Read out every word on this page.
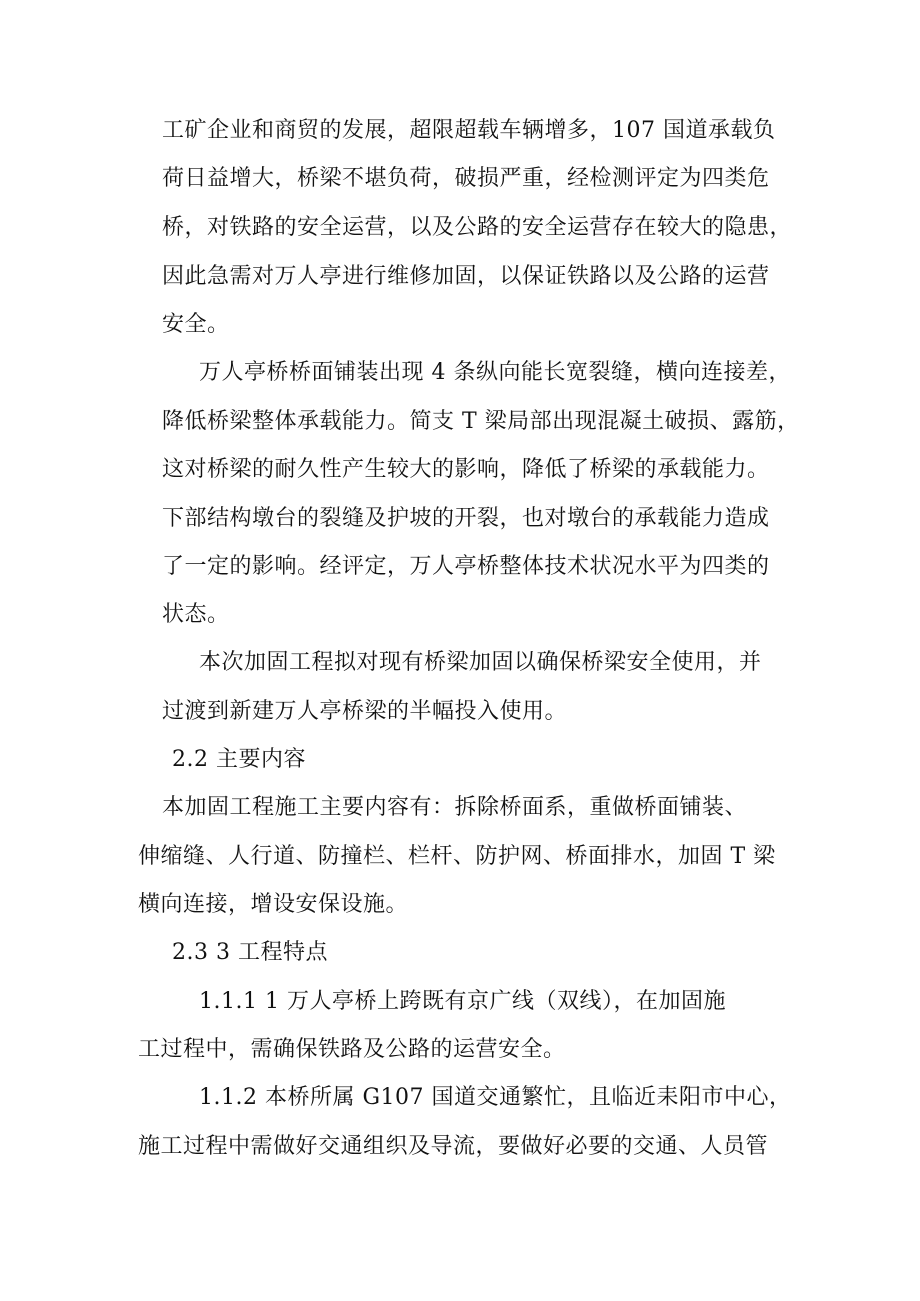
工矿企业和商贸的发展，超限超载车辆增多，107 国道承载负
荷日益增大，桥梁不堪负荷，破损严重，经检测评定为四类危
桥，对铁路的安全运营，以及公路的安全运营存在较大的隐患，
因此急需对万人亭进行维修加固，以保证铁路以及公路的运营
安全。
万人亭桥桥面铺装出现 4 条纵向能长宽裂缝，横向连接差，
降低桥梁整体承载能力。简支 T 梁局部出现混凝土破损、露筋，
这对桥梁的耐久性产生较大的影响，降低了桥梁的承载能力。
下部结构墩台的裂缝及护坡的开裂，也对墩台的承载能力造成
了一定的影响。经评定，万人亭桥整体技术状况水平为四类的
状态。
本次加固工程拟对现有桥梁加固以确保桥梁安全使用，并
过渡到新建万人亭桥梁的半幅投入使用。
2.2 主要内容
本加固工程施工主要内容有：拆除桥面系，重做桥面铺装、
伸缩缝、人行道、防撞栏、栏杆、防护网、桥面排水，加固 T 梁
横向连接，增设安保设施。
2.3 3 工程特点
1.1.1 1 万人亭桥上跨既有京广线（双线），在加固施
工过程中，需确保铁路及公路的运营安全。
1.1.2 本桥所属 G107 国道交通繁忙，且临近耒阳市中心，
施工过程中需做好交通组织及导流，要做好必要的交通、人员管
